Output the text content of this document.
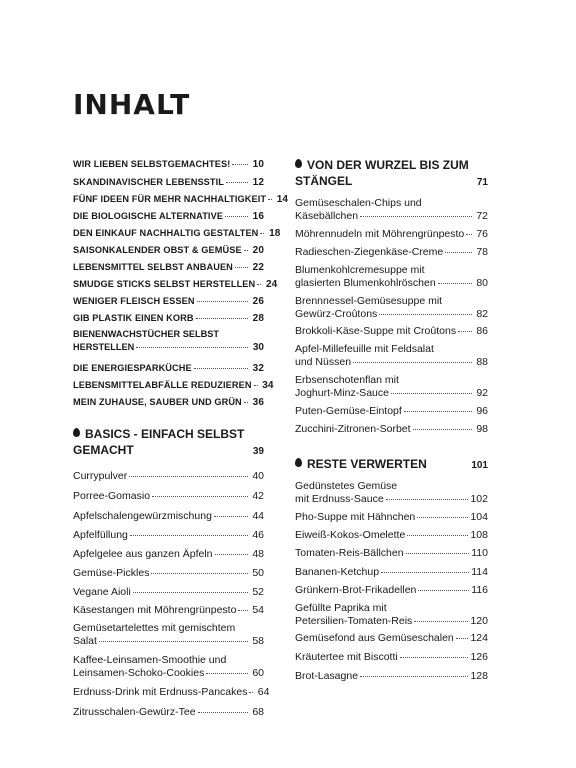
INHALT
WIR LIEBEN SELBSTGEMACHTES! 10
SKANDINAVISCHER LEBENSSTIL	12
FÜNF IDEEN FÜR MEHR NACHHALTIGKEIT 14
DIE BIOLOGISCHE ALTERNATIVE	16
DEN EINKAUF NACHHALTIG GESTALTEN 18
SAISONKALENDER OBST & GEMÜSE 20
LEBENSMITTEL SELBST ANBAUEN 22
SMUDGE STICKS SELBST HERSTELLEN 24
WENIGER FLEISCH ESSEN	26
GIB PLASTIK EINEN KORB	28
BIENENWACHSTÜCHER SELBST
HERSTELLEN	30
DIE ENERGIESPARKÜCHE	32
LEBENSMITTELABFÄLLE REDUZIEREN 34
MEIN ZUHAUSE, SAUBER UND GRÜN 36
BASICS - EINFACH SELBST
GEMACHT	39
Currypulver	40
Porree-Gomasio	42
Apfelschalengewürzmischung	44
Apfelfüllung	46
Apfelgelee aus ganzen Äpfeln	48
Gemüse-Pickles	50
Vegane Aioli	52
Käsestangen mit Möhrengrünpesto 54
Gemüsetartelettes mit gemischtem
Salat	58
Kaffee-Leinsamen-Smoothie und
Leinsamen-Schoko-Cookies	60
Erdnuss-Drink mit Erdnuss-Pancakes 64
Zitrusschalen-Gewürz-Tee	68
VON DER WURZEL BIS ZUM
STÄNGEL	71
Gemüseschalen-Chips und
Käsebällchen	72
Möhrennudeln mit Möhrengrünpesto 76
Radieschen-Ziegenkäse-Creme	78
Blumenkohlcremesuppe mit
glasierten Blumenkohlröschen	80
Brennnessel-Gemüsesuppe mit
Gewürz-Croûtons	82
Brokkoli-Käse-Suppe mit Croûtons 86
Apfel-Millefeuille mit Feldsalat
und Nüssen	88
Erbsenschotenflan mit
Joghurt-Minz-Sauce	92
Puten-Gemüse-Eintopf	96
Zucchini-Zitronen-Sorbet	98
RESTE VERWERTEN	101
Gedünstetes Gemüse
mit Erdnuss-Sauce	102
Pho-Suppe mit Hähnchen	104
Eiweiß-Kokos-Omelette	108
Tomaten-Reis-Bällchen	110
Bananen-Ketchup	114
Grünkern-Brot-Frikadellen	116
Gefüllte Paprika mit
Petersilien-Tomaten-Reis	120
Gemüsefond aus Gemüseschalen 124
Kräutertee mit Biscotti	126
Brot-Lasagne	128
